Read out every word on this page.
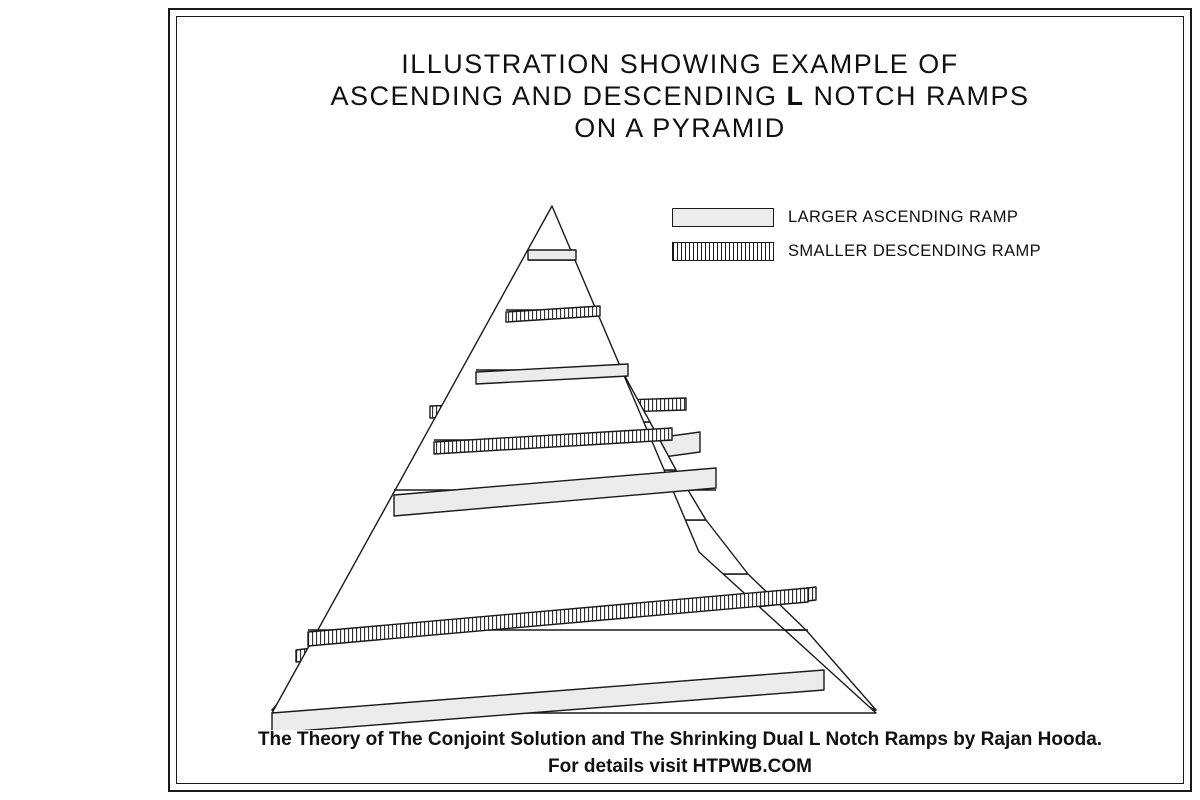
ILLUSTRATION SHOWING EXAMPLE OF
ASCENDING AND DESCENDING L NOTCH RAMPS
ON A PYRAMID
LARGER ASCENDING RAMP
SMALLER DESCENDING RAMP
The Theory of The Conjoint Solution and The Shrinking Dual L Notch Ramps by Rajan Hooda.
For details visit HTPWB.COM
